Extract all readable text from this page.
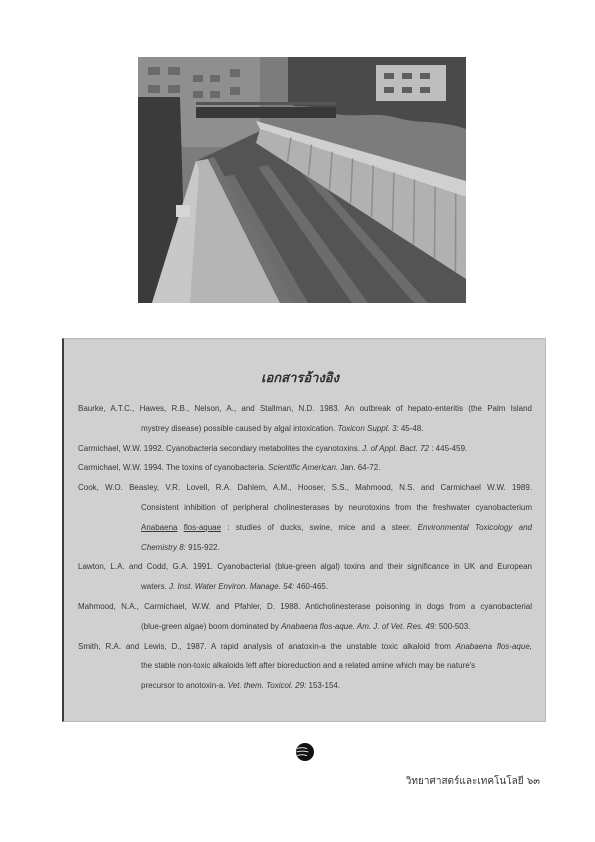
เอกสารอ้างอิง
Baurke, A.T.C., Hawes, R.B., Nelson, A., and Stallman, N.D. 1983. An outbreak of hepato-enteritis (the Palm Island
mystrey disease) possible caused by algal intoxication. Toxicon Suppl. 3: 45-48.
Carmichael, W.W. 1992. Cyanobacteria secondary metabolites the cyanotoxins. J. of Appl. Bact. 72 : 445-459.
Carmichael, W.W. 1994. The toxins of cyanobacteria. Scientific American. Jan. 64-72.
Cook, W.O. Beasley, V.R. Lovell, R.A. Dahlem, A.M., Hooser, S.S., Mahmood, N.S. and Carmichael W.W. 1989.
Consistent inhibition of peripheral cholinesterases by neurotoxins from the freshwater cyanobacterium
Anabaena flos-aquae : studies of ducks, swine, mice and a steer. Environmental Toxicology and
Chemistry 8: 915-922.
Lawton, L.A. and Codd, G.A. 1991. Cyanobacterial (blue-green algal) toxins and their significance in UK and European
waters. J. Inst. Water Environ. Manage. 54: 460-465.
Mahmood, N.A., Carmichael, W.W. and Pfahler, D. 1988. Anticholinesterase poisoning in dogs from a cyanobacterial
(blue-green algae) boom dominated by Anabaena flos-aque. Am. J. of Vet. Res. 49: 500-503.
Smith, R.A. and Lewis, D., 1987. A rapid analysis of anatoxin-a the unstable toxic alkaloid from Anabaena flos-aque,
the stable non-toxic alkaloids left after bioreduction and a related amine which may be nature's
precursor to anotoxin-a. Vet. them. Toxicol. 29: 153-154.
วิทยาศาสตร์และเทคโนโลยี ๖๓
